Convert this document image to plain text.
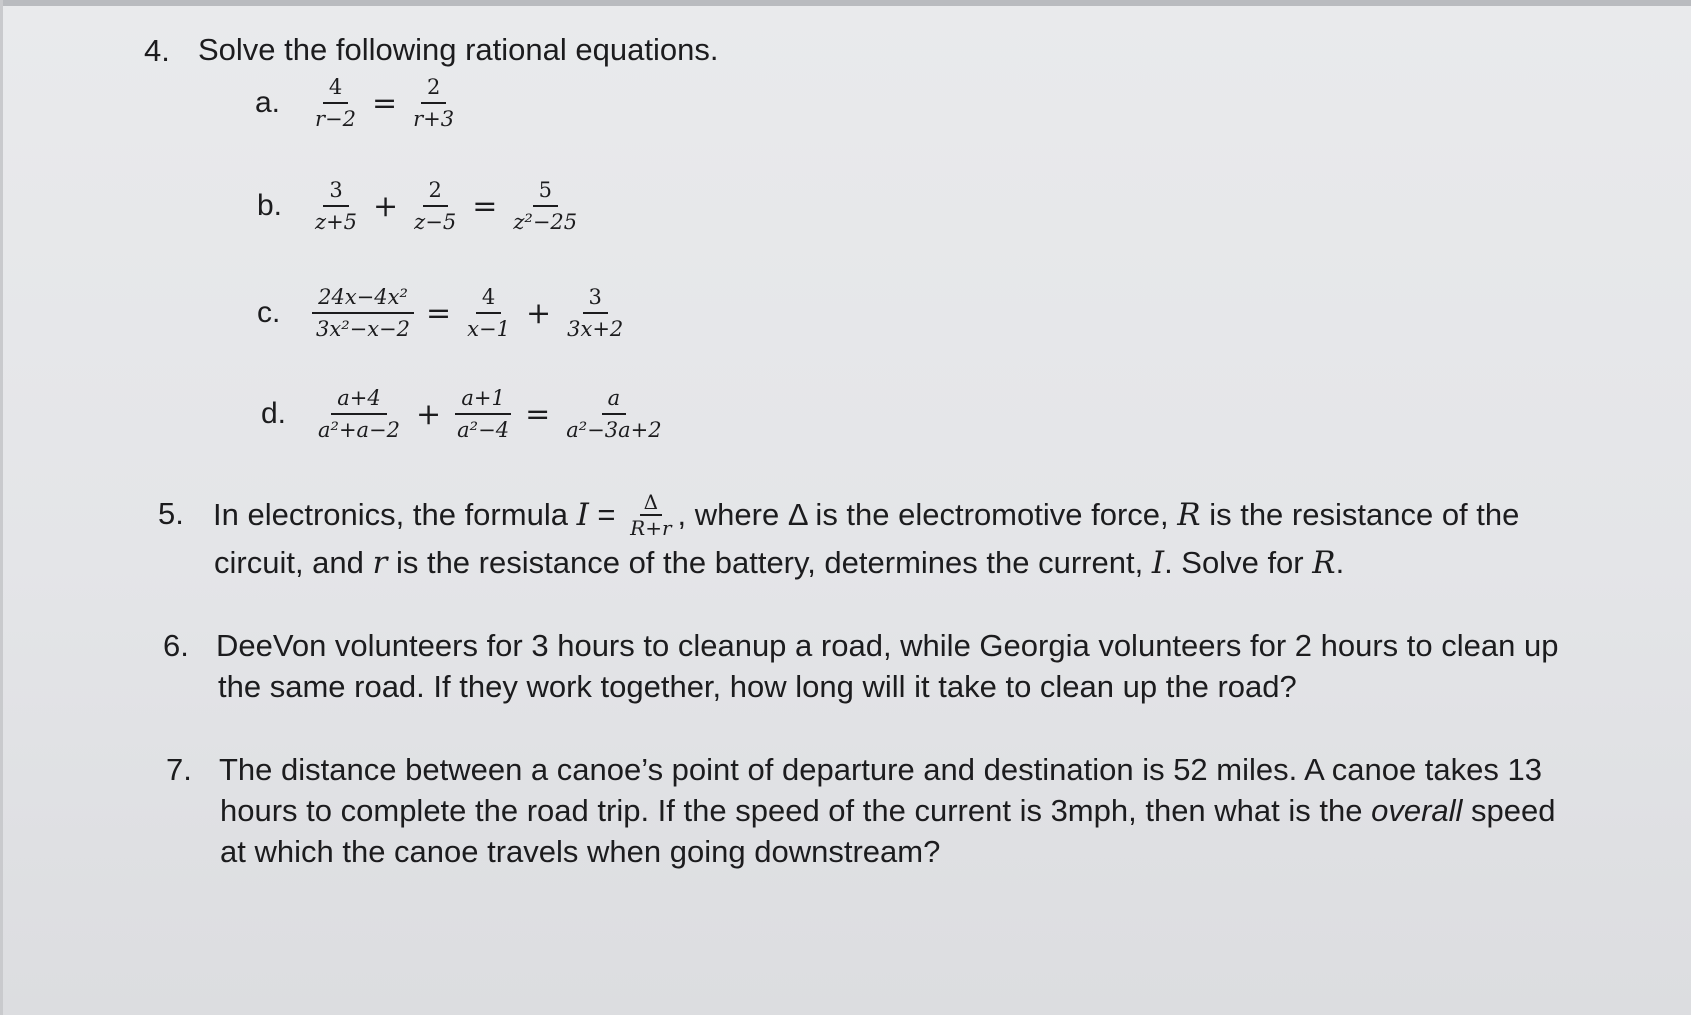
4. Solve the following rational equations.
a. $\frac{4}{r-2} = \frac{2}{r+3}$
b. $\frac{3}{z+5} + \frac{2}{z-5} = \frac{5}{\text{z²−25}}$
c. $\frac{\text{24x−4x²}}{\text{3x²−x−2}} = \frac{4}{x-1} + \frac{3}{3x+2}$
d. $\frac{a+4}{\text{a²+a−2}} + \frac{a+1}{\text{a²−4}} = \frac{a}{\text{a²−3a+2}}$
5. In electronics, the formula $I = \frac{\Delta}{R+r}$ , where Δ is the electromotive force, R is the resistance of the
circuit, and r is the resistance of the battery, determines the current, I. Solve for R.
6. DeeVon volunteers for 3 hours to cleanup a road, while Georgia volunteers for 2 hours to clean up
the same road. If they work together, how long will it take to clean up the road?
7. The distance between a canoe’s point of departure and destination is 52 miles. A canoe takes 13
hours to complete the road trip. If the speed of the current is 3mph, then what is the overall speed
at which the canoe travels when going downstream?
